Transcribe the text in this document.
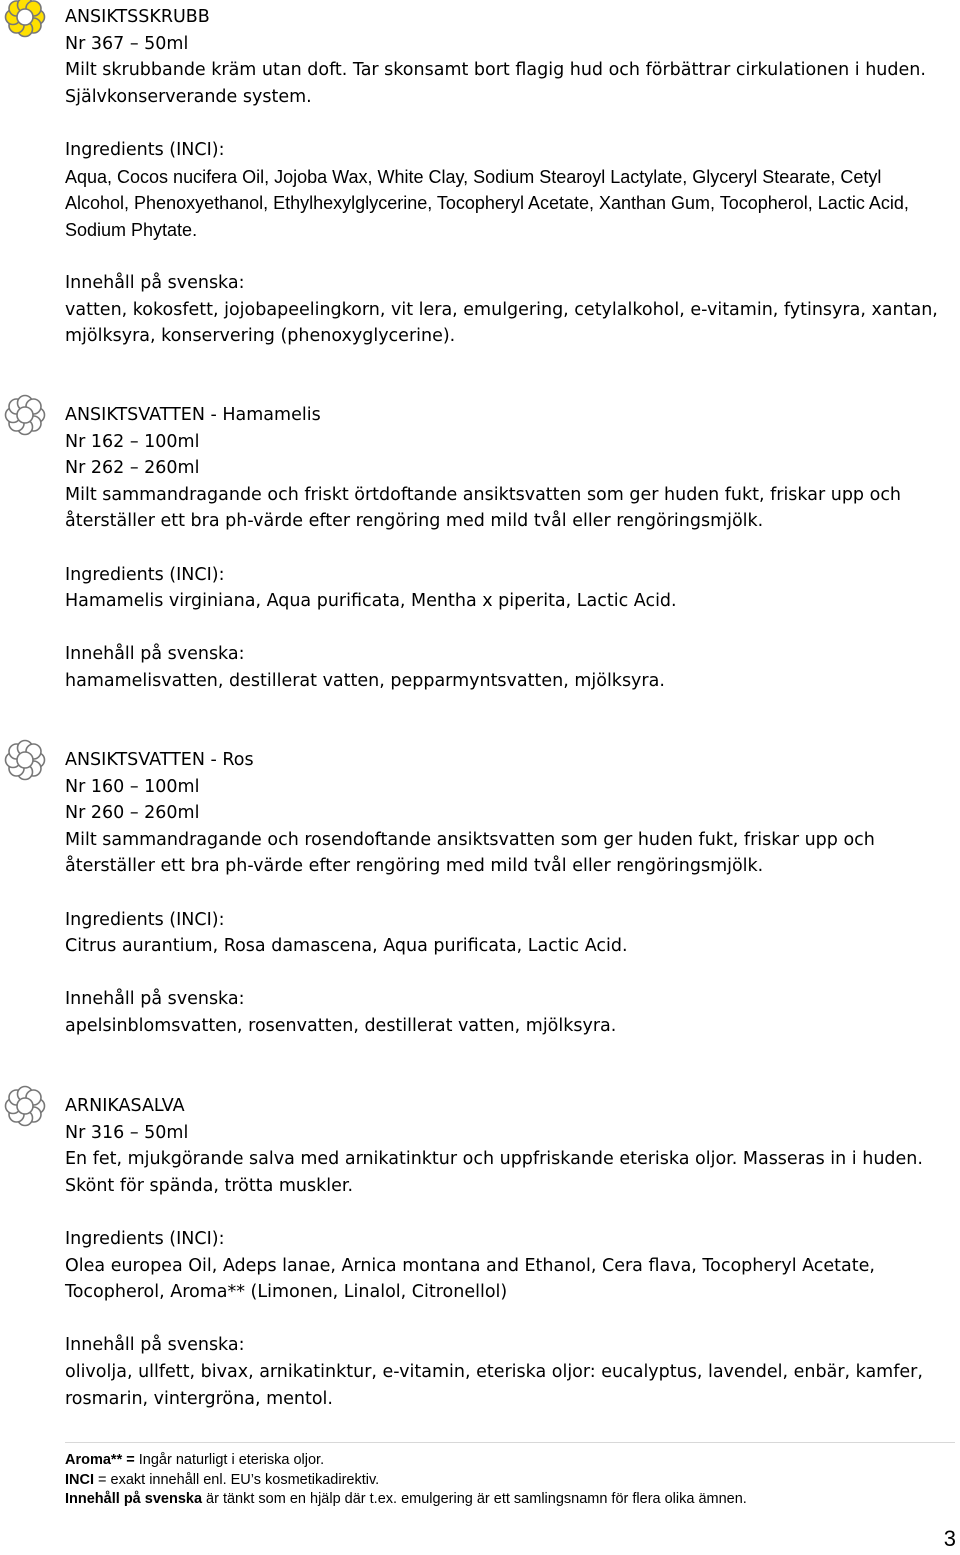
ANSIKTSSKRUBB

Nr 367 – 50ml

Milt skrubbande kräm utan doft. Tar skonsamt bort flagig hud och förbättrar cirkulationen i huden. Självkonserverande system.

Ingredients (INCI):

Aqua, Cocos nucifera Oil, Jojoba Wax, White Clay, Sodium Stearoyl Lactylate, Glyceryl Stearate, Cetyl Alcohol, Phenoxyethanol, Ethylhexylglycerine, Tocopheryl Acetate, Xanthan Gum, Tocopherol, Lactic Acid, Sodium Phytate.

Innehåll på svenska:

vatten, kokosfett, jojobapeelingkorn, vit lera, emulgering, cetylalkohol, e-vitamin, fytinsyra, xantan, mjölksyra, konservering (phenoxyglycerine).

ANSIKTSVATTEN - Hamamelis

Nr 162 – 100ml

Nr 262 – 260ml

Milt sammandragande och friskt örtdoftande ansiktsvatten som ger huden fukt, friskar upp och återställer ett bra ph-värde efter rengöring med mild tvål eller rengöringsmjölk.

Ingredients (INCI):

Hamamelis virginiana, Aqua purificata, Mentha x piperita, Lactic Acid.

Innehåll på svenska:

hamamelisvatten, destillerat vatten, pepparmyntsvatten, mjölksyra.

ANSIKTSVATTEN - Ros

Nr 160 – 100ml

Nr 260 – 260ml

Milt sammandragande och rosendoftande ansiktsvatten som ger huden fukt, friskar upp och återställer ett bra ph-värde efter rengöring med mild tvål eller rengöringsmjölk.

Ingredients (INCI):

Citrus aurantium, Rosa damascena, Aqua purificata, Lactic Acid.

Innehåll på svenska:

apelsinblomsvatten, rosenvatten, destillerat vatten, mjölksyra.

ARNIKASALVA

Nr 316 – 50ml

En fet, mjukgörande salva med arnikatinktur och uppfriskande eteriska oljor. Masseras in i huden. Skönt för spända, trötta muskler.

Ingredients (INCI):

Olea europea Oil, Adeps lanae, Arnica montana and Ethanol, Cera flava, Tocopheryl Acetate, Tocopherol, Aroma** (Limonen, Linalol, Citronellol)

Innehåll på svenska:

olivolja, ullfett, bivax, arnikatinktur, e-vitamin, eteriska oljor: eucalyptus, lavendel, enbär, kamfer, rosmarin, vintergröna, mentol.

Aroma** = Ingår naturligt i eteriska oljor.

INCI = exakt innehåll enl. EU’s kosmetikadirektiv.

Innehåll på svenska är tänkt som en hjälp där t.ex. emulgering är ett samlingsnamn för flera olika ämnen.

3
